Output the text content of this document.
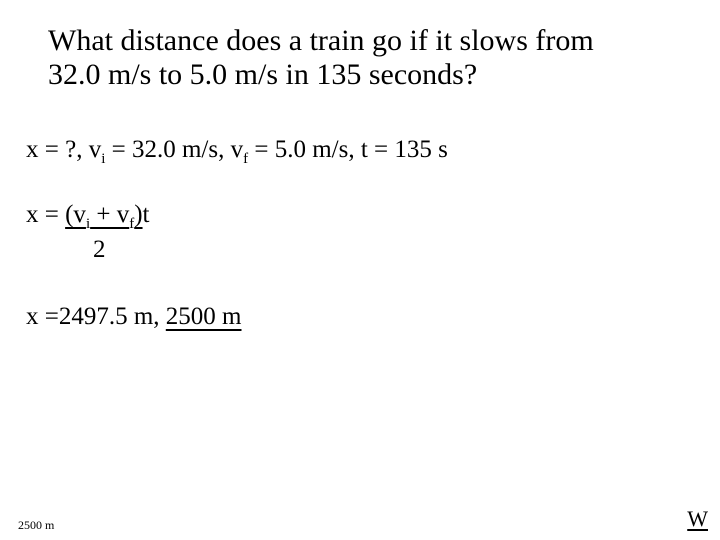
What distance does a train go if it slows from
32.0 m/s to 5.0 m/s in 135 seconds?
x = ?, $v_i = 32.0$ m/s, $v_f = 5.0$ m/s, t = 135 s
$x = (v_i + v_f)t$
2
x =2497.5 m, 2500 m
2500 m	W
